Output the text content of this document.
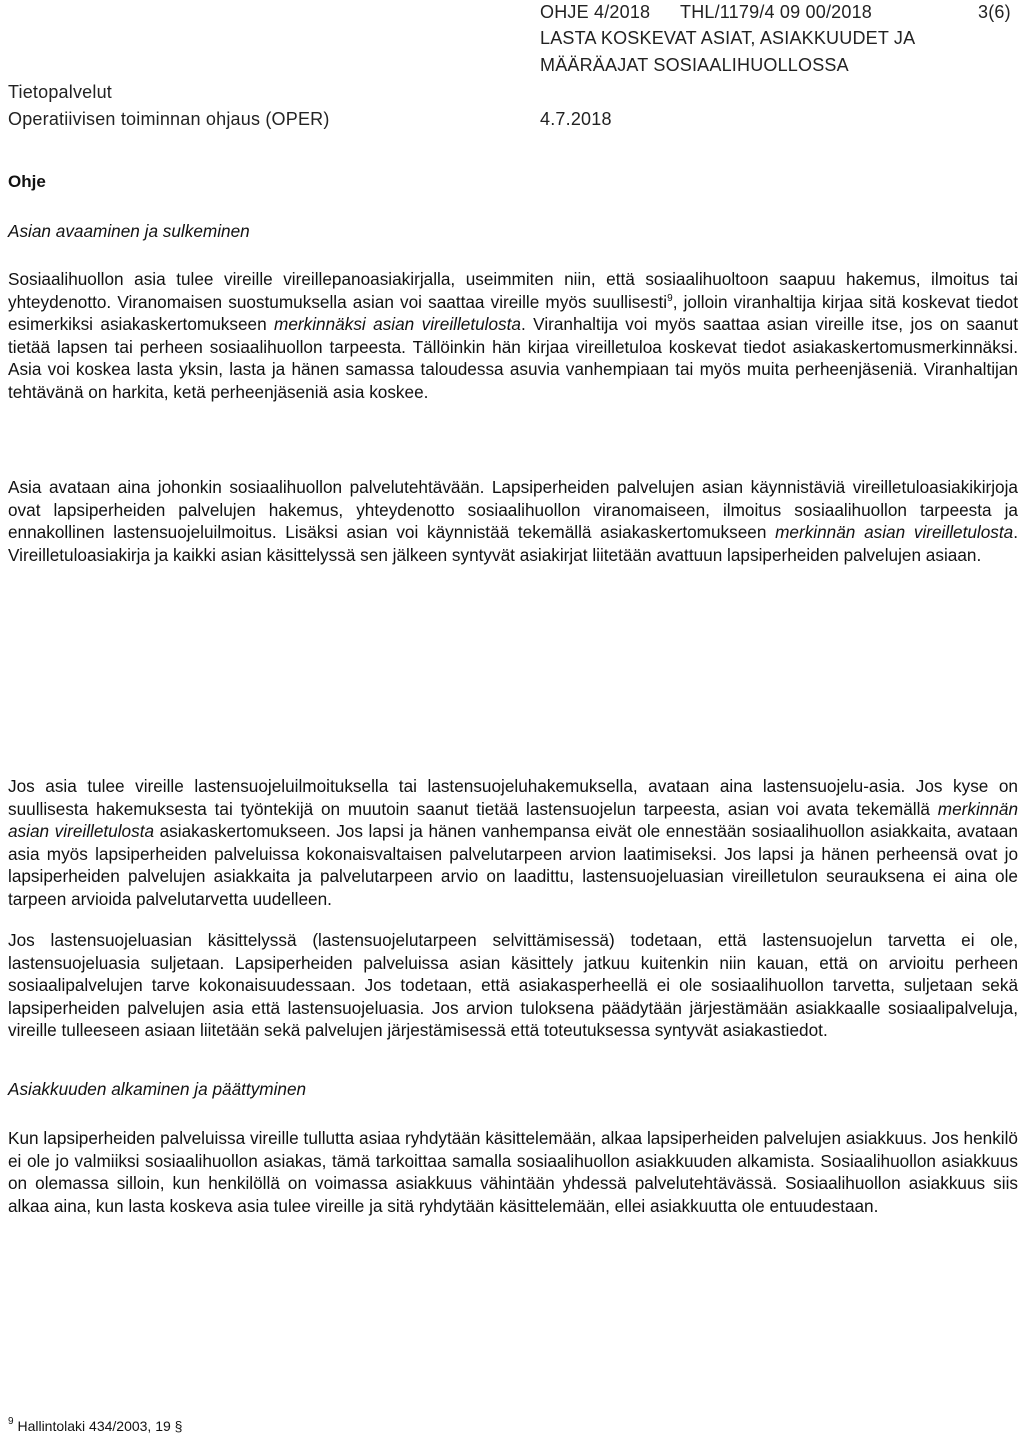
OHJE 4/2018 THL/1179/4 09 00/2018	3(6)
LASTA KOSKEVAT ASIAT, ASIAKKUUDET JA
MÄÄRÄAJAT SOSIAALIHUOLLOSSA
Tietopalvelut
Operatiivisen toiminnan ohjaus (OPER)	4.7.2018
Ohje
Asian avaaminen ja sulkeminen

Sosiaalihuollon asia tulee vireille vireillepanoasiakirjalla, useimmiten niin, että sosiaalihuoltoon saapuu hakemus, ilmoitus tai yhteydenotto. Viranomaisen suostumuksella asian voi saattaa vireille myös suullisesti$^9$, jolloin viranhaltija kirjaa sitä koskevat tiedot esimerkiksi asiakaskertomukseen merkinnäksi asian vireilletulosta. Viranhaltija voi myös saattaa asian vireille itse, jos on saanut tietää lapsen tai perheen sosiaalihuollon tarpeesta. Tällöinkin hän kirjaa vireilletuloa koskevat tiedot asiakaskertomusmerkinnäksi. Asia voi koskea lasta yksin, lasta ja hänen samassa taloudessa asuvia vanhempiaan tai myös muita perheenjäseniä. Viranhaltijan tehtävänä on harkita, ketä perheenjäseniä asia koskee.

Asia avataan aina johonkin sosiaalihuollon palvelutehtävään. Lapsiperheiden palvelujen asian käynnistäviä vireilletuloasiakikirjoja ovat lapsiperheiden palvelujen hakemus, yhteydenotto sosiaalihuollon viranomaiseen, ilmoitus sosiaalihuollon tarpeesta ja ennakollinen lastensuojeluilmoitus. Lisäksi asian voi käynnistää tekemällä asiakaskertomukseen merkinnän asian vireilletulosta. Vireilletuloasiakirja ja kaikki asian käsittelyssä sen jälkeen syntyvät asiakirjat liitetään avattuun lapsiperheiden palvelujen asiaan.

Jos asia tulee vireille lastensuojeluilmoituksella tai lastensuojeluhakemuksella, avataan aina lastensuojelu-asia. Jos kyse on suullisesta hakemuksesta tai työntekijä on muutoin saanut tietää lastensuojelun tarpeesta, asian voi avata tekemällä merkinnän asian vireilletulosta asiakaskertomukseen. Jos lapsi ja hänen vanhempansa eivät ole ennestään sosiaalihuollon asiakkaita, avataan asia myös lapsiperheiden palveluissa kokonaisvaltaisen palvelutarpeen arvion laatimiseksi. Jos lapsi ja hänen perheensä ovat jo lapsiperheiden palvelujen asiakkaita ja palvelutarpeen arvio on laadittu, lastensuojeluasian vireilletulon seurauksena ei aina ole tarpeen arvioida palvelutarvetta uudelleen.

Jos lastensuojeluasian käsittelyssä (lastensuojelutarpeen selvittämisessä) todetaan, että lastensuojelun tarvetta ei ole, lastensuojeluasia suljetaan. Lapsiperheiden palveluissa asian käsittely jatkuu kuitenkin niin kauan, että on arvioitu perheen sosiaalipalvelujen tarve kokonaisuudessaan. Jos todetaan, että asiakasperheellä ei ole sosiaalihuollon tarvetta, suljetaan sekä lapsiperheiden palvelujen asia että lastensuojeluasia. Jos arvion tuloksena päädytään järjestämään asiakkaalle sosiaalipalveluja, vireille tulleeseen asiaan liitetään sekä palvelujen järjestämisessä että toteutuksessa syntyvät asiakastiedot.

Asiakkuuden alkaminen ja päättyminen

Kun lapsiperheiden palveluissa vireille tullutta asiaa ryhdytään käsittelemään, alkaa lapsiperheiden palvelujen asiakkuus. Jos henkilö ei ole jo valmiiksi sosiaalihuollon asiakas, tämä tarkoittaa samalla sosiaalihuollon asiakkuuden alkamista. Sosiaalihuollon asiakkuus on olemassa silloin, kun henkilöllä on voimassa asiakkuus vähintään yhdessä palvelutehtävässä. Sosiaalihuollon asiakkuus siis alkaa aina, kun lasta koskeva asia tulee vireille ja sitä ryhdytään käsittelemään, ellei asiakkuutta ole entuudestaan.

$^9$ Hallintolaki 434/2003, 19 §
